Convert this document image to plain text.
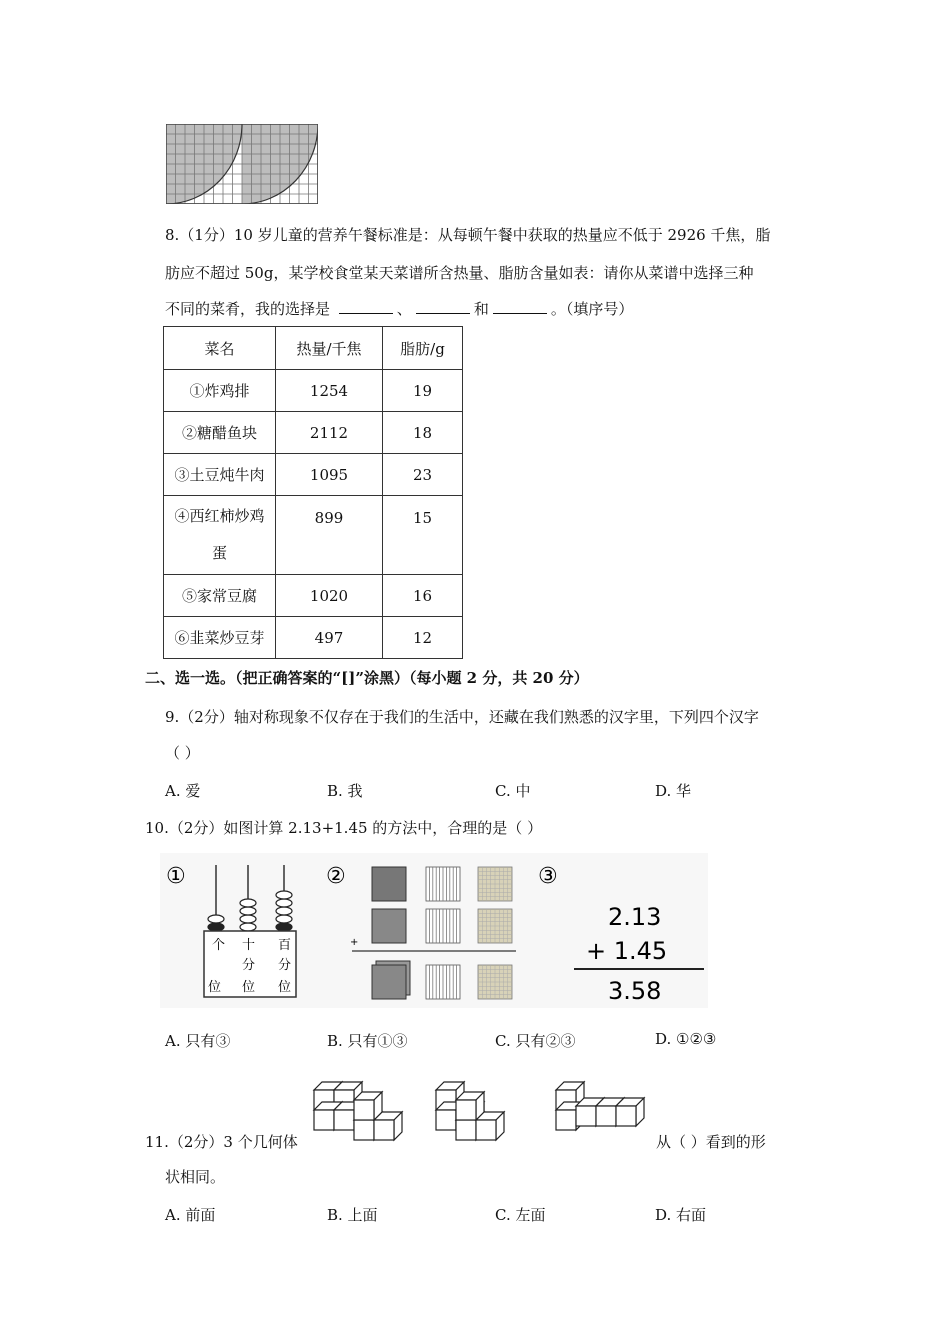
8.（1分）10 岁儿童的营养午餐标准是：从每顿午餐中获取的热量应不低于 2926 千焦，脂
肪应不超过 50g，某学校食堂某天菜谱所含热量、脂肪含量如表：请你从菜谱中选择三种
不同的菜肴，我的选择是	、	和	。（填序号）
菜名	热量/千焦	脂肪/g
①炸鸡排	1254	19
②糖醋鱼块	2112	18
③土豆炖牛肉	1095	23

④西红柿炒鸡
蛋	899	15
⑤家常豆腐	1020	16
⑥韭菜炒豆芽	497	12
二、选一选。（把正确答案的“[]”涂黑）（每小题 2 分，共 20 分）
9.（2分）轴对称现象不仅存在于我们的生活中，还藏在我们熟悉的汉字里，下列四个汉字
（ ）
A. 爱	B. 我	C. 中	D. 华
10.（2分）如图计算 2.13+1.45 的方法中，合理的是（ ）
①
个 十 百
分 分
位 位 位
②
+
③
2.13
+ 1.45
3.58
A. 只有③	B. 只有①③	C. 只有②③	D. ①②③
11.（2分）3 个几何体	从（ ）看到的形
状相同。
A. 前面	B. 上面	C. 左面	D. 右面
